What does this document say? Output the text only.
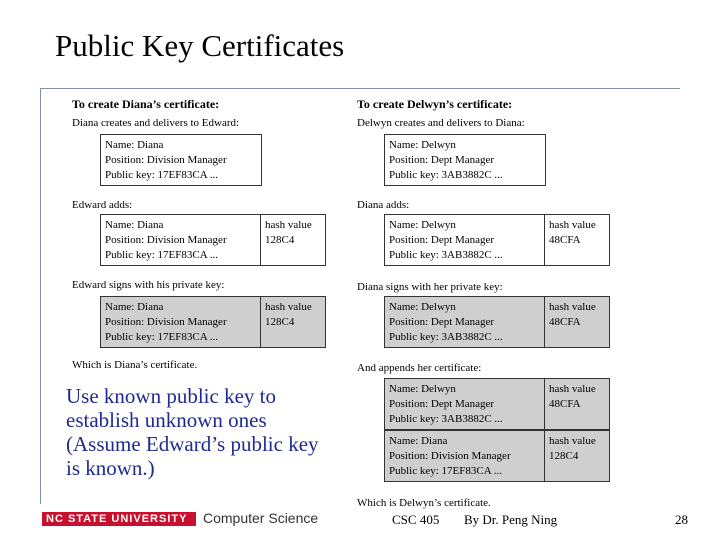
Public Key Certificates
To create Diana’s certificate:
Diana creates and delivers to Edward:
Name: Diana
Position: Division Manager
Public key: 17EF83CA ...
Edward adds:
Name: Diana
Position: Division Manager
Public key: 17EF83CA ...
hash value
128C4
Edward signs with his private key:
Name: Diana
Position: Division Manager
Public key: 17EF83CA ...
hash value
128C4
Which is Diana’s certificate.
To create Delwyn’s certificate:
Delwyn creates and delivers to Diana:
Name: Delwyn
Position: Dept Manager
Public key: 3AB3882C ...
Diana adds:
Name: Delwyn
Position: Dept Manager
Public key: 3AB3882C ...
hash value
48CFA
Diana signs with her private key:
Name: Delwyn
Position: Dept Manager
Public key: 3AB3882C ...
hash value
48CFA
And appends her certificate:
Name: Delwyn
Position: Dept Manager
Public key: 3AB3882C ...
hash value
48CFA
Name: Diana
Position: Division Manager
Public key: 17EF83CA ...
hash value
128C4
Which is Delwyn’s certificate.
Use known public key to
establish unknown ones
(Assume Edward’s public key
is known.)
NC STATE UNIVERSITY Computer Science	CSC 405 By Dr. Peng Ning	28
